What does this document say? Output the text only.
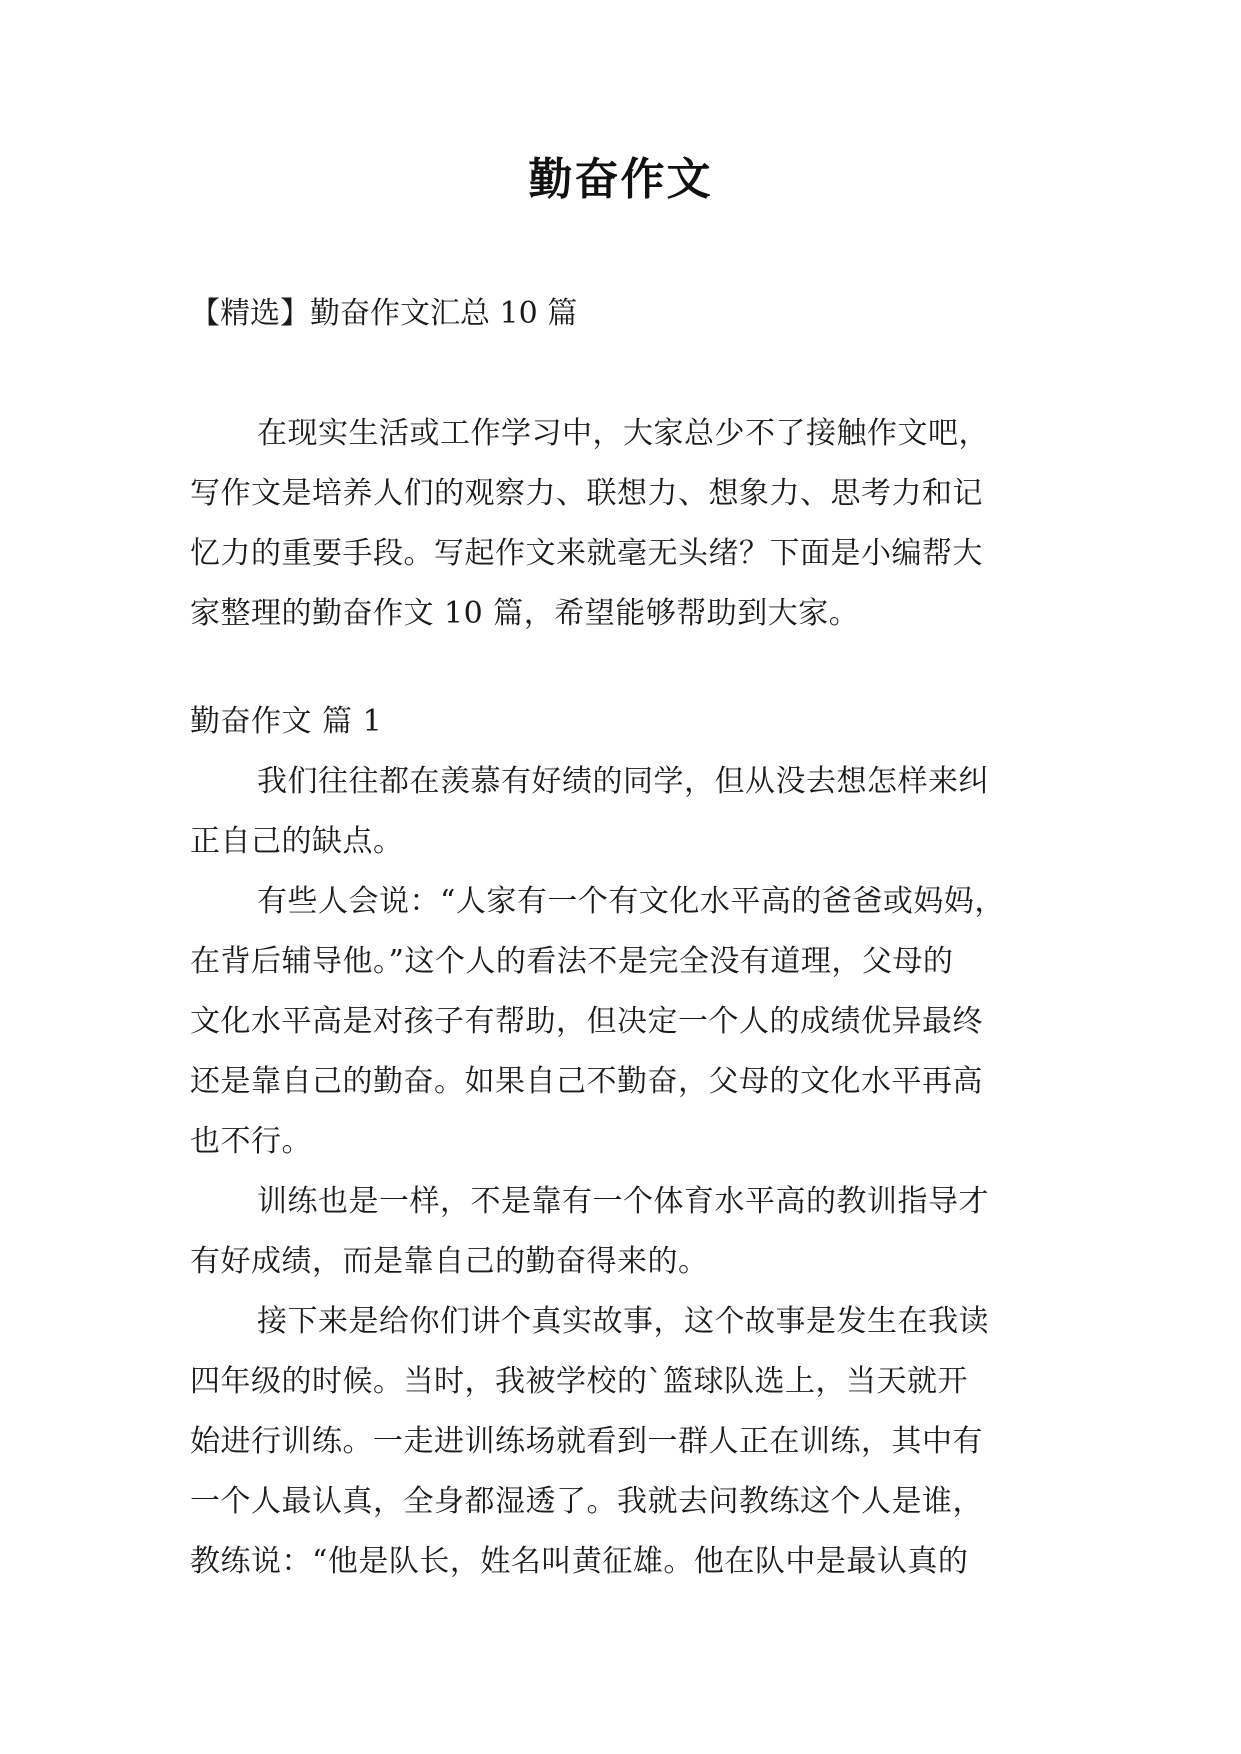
勤奋作文
【精选】勤奋作文汇总 10 篇
在现实生活或工作学习中，大家总少不了接触作文吧，
写作文是培养人们的观察力、联想力、想象力、思考力和记
忆力的重要手段。写起作文来就毫无头绪？下面是小编帮大
家整理的勤奋作文 10 篇，希望能够帮助到大家。
勤奋作文 篇 1
我们往往都在羡慕有好绩的同学，但从没去想怎样来纠
正自己的缺点。
有些人会说：“人家有一个有文化水平高的爸爸或妈妈，
在背后辅导他。”这个人的看法不是完全没有道理，父母的
文化水平高是对孩子有帮助，但决定一个人的成绩优异最终
还是靠自己的勤奋。如果自己不勤奋，父母的文化水平再高
也不行。
训练也是一样，不是靠有一个体育水平高的教训指导才
有好成绩，而是靠自己的勤奋得来的。
接下来是给你们讲个真实故事，这个故事是发生在我读
四年级的时候。当时，我被学校的`篮球队选上，当天就开
始进行训练。一走进训练场就看到一群人正在训练，其中有
一个人最认真，全身都湿透了。我就去问教练这个人是谁，
教练说：“他是队长，姓名叫黄征雄。他在队中是最认真的
